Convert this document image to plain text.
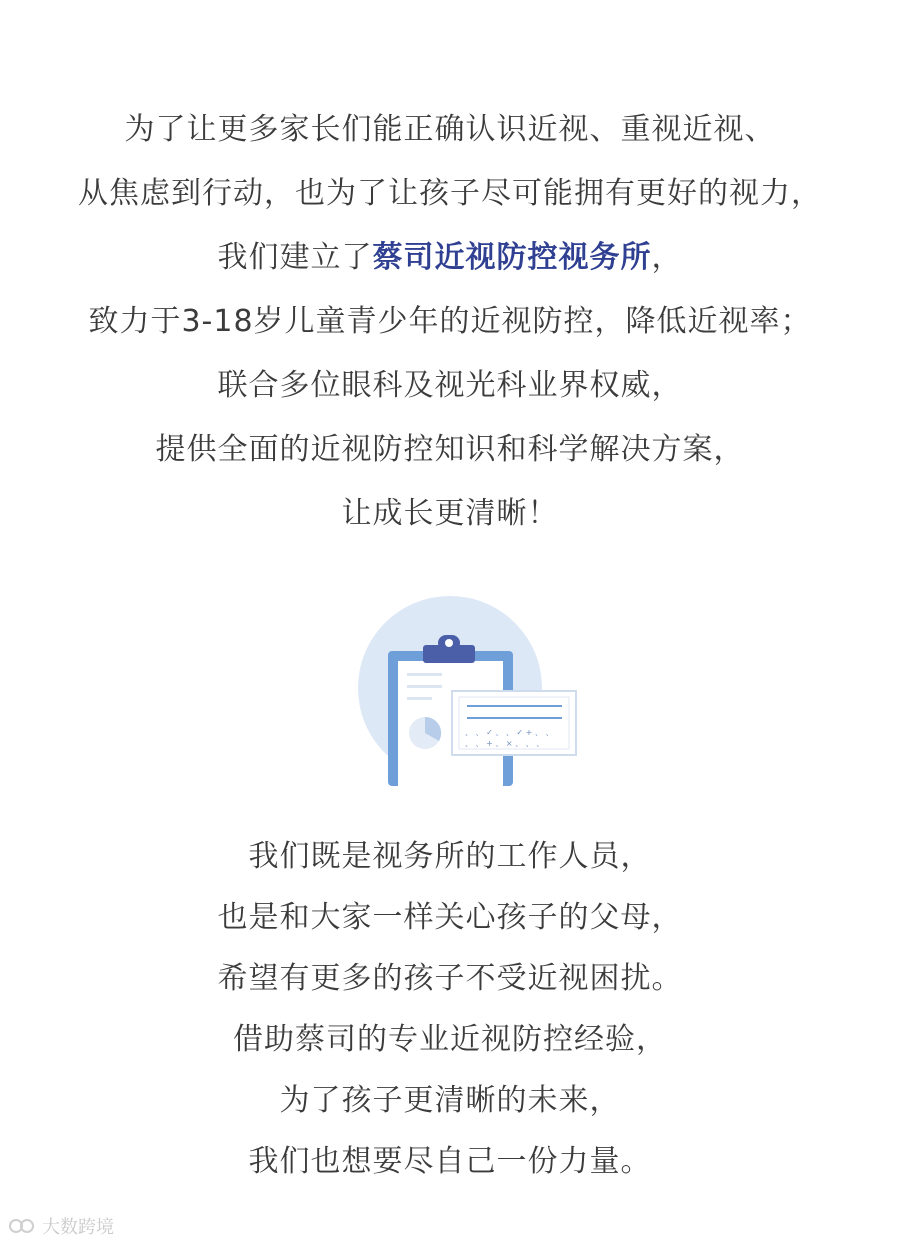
为了让更多家长们能正确认识近视、重视近视、
从焦虑到行动，也为了让孩子尽可能拥有更好的视力，
我们建立了蔡司近视防控视务所，
致力于3-18岁儿童青少年的近视防控，降低近视率；
联合多位眼科及视光科业界权威，
提供全面的近视防控知识和科学解决方案，
让成长更清晰！
、 、 ✓ 、 、 ✓ + 、 、
、 、 + 、 × 、 、 、
我们既是视务所的工作人员，
也是和大家一样关心孩子的父母，
希望有更多的孩子不受近视困扰。
借助蔡司的专业近视防控经验，
为了孩子更清晰的未来，
我们也想要尽自己一份力量。
大数跨境
